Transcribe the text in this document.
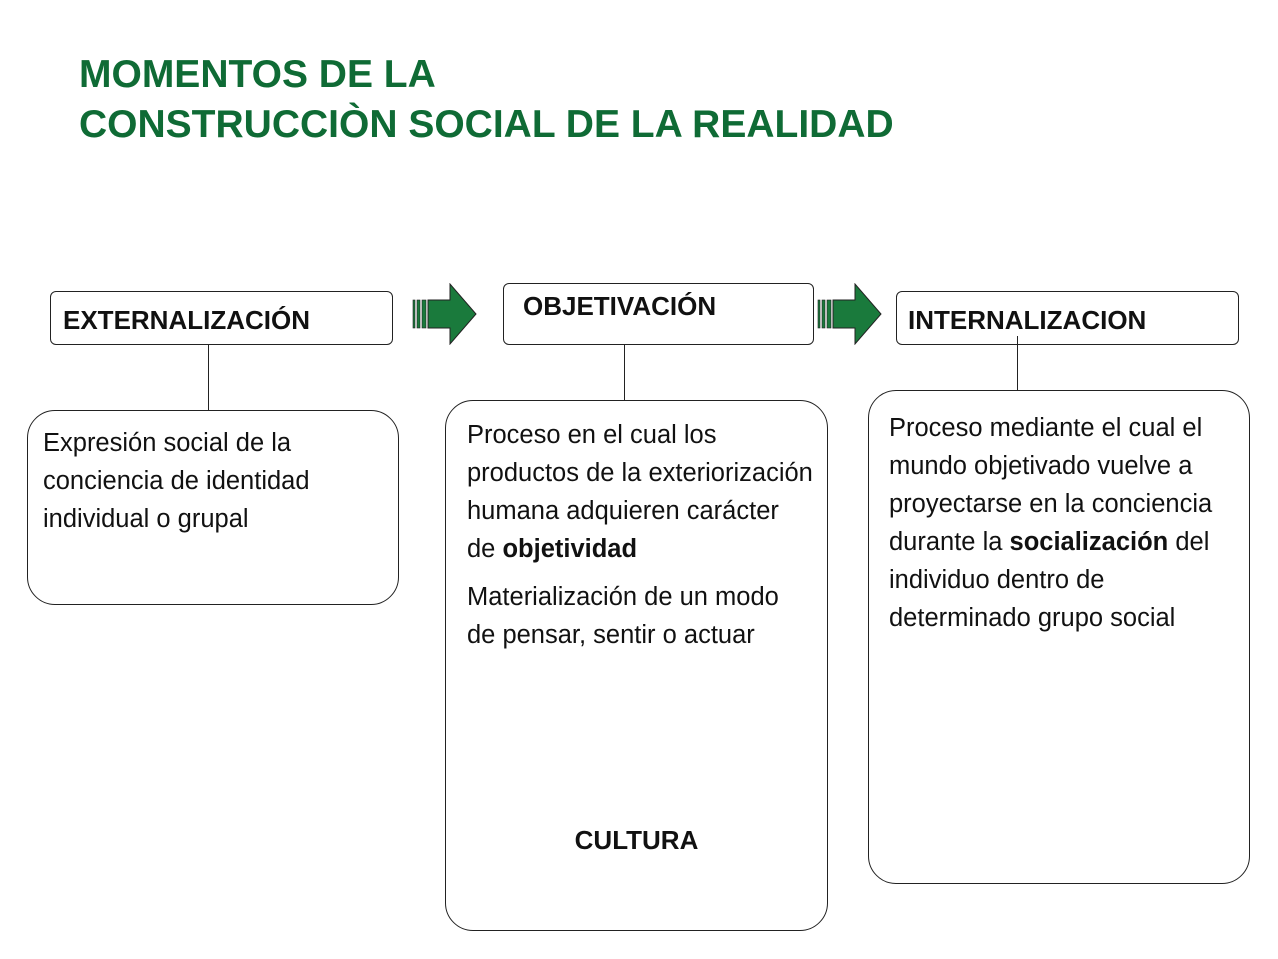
MOMENTOS DE LA
CONSTRUCCIÒN SOCIAL DE LA REALIDAD
EXTERNALIZACIÓN	OBJETIVACIÓN	INTERNALIZACION

Expresión social de la conciencia de identidad individual o grupal

Proceso en el cual los productos de la exteriorización humana adquieren carácter de objetividad

Materialización de un modo de pensar, sentir o actuar

CULTURA

Proceso mediante el cual el mundo objetivado vuelve a proyectarse en la conciencia durante la socialización del individuo dentro de determinado grupo social
